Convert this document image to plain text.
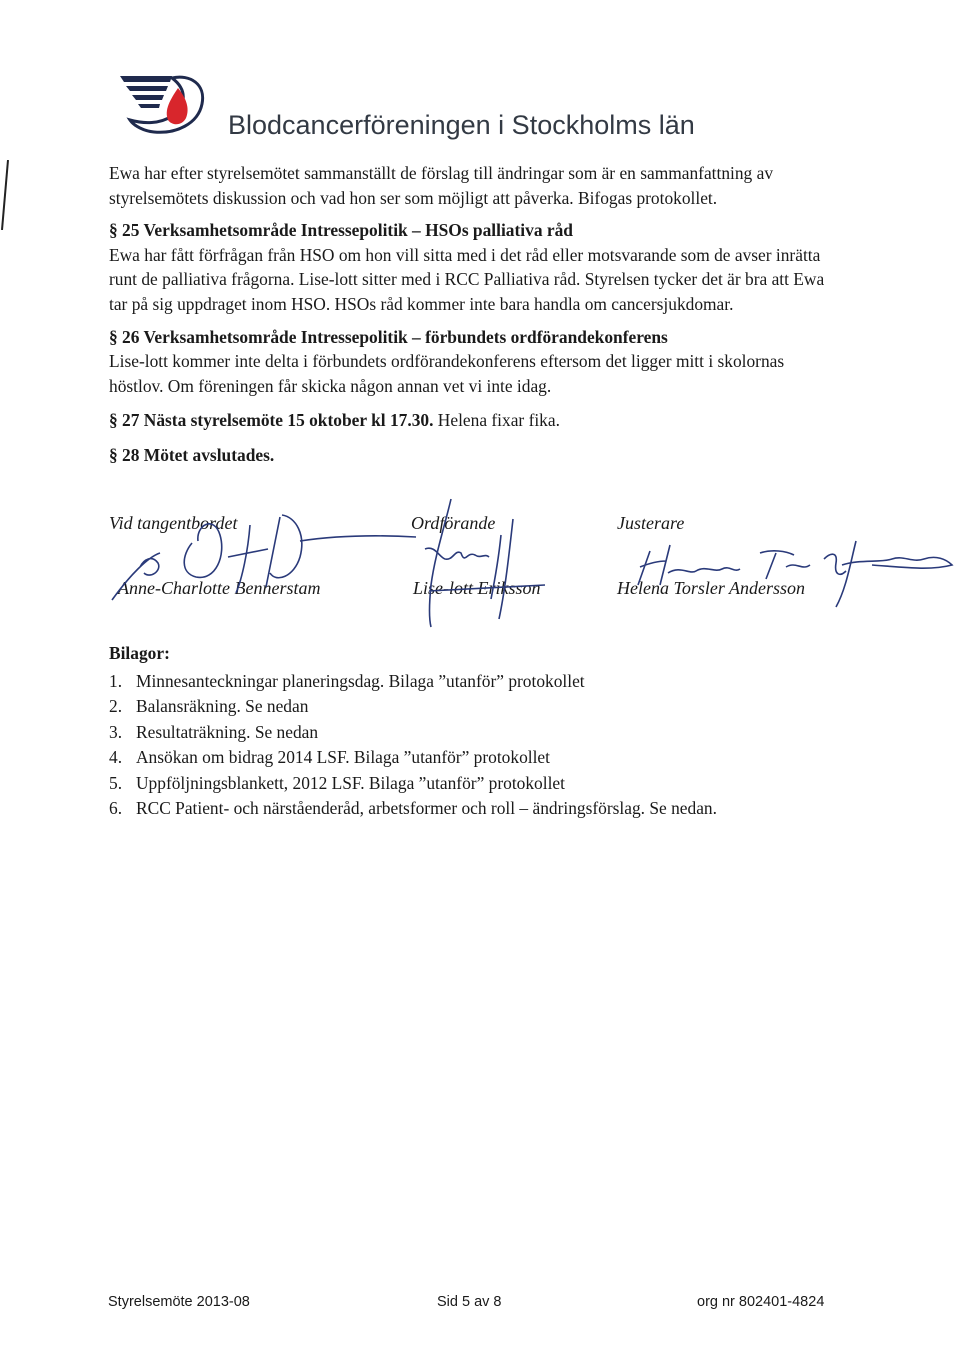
Blodcancerföreningen i Stockholms län

Ewa har efter styrelsemötet sammanställt de förslag till ändringar som är en sammanfattning av styrelsemötets diskussion och vad hon ser som möjligt att påverka. Bifogas protokollet.

§ 25 Verksamhetsområde Intressepolitik – HSOs palliativa råd

Ewa har fått förfrågan från HSO om hon vill sitta med i det råd eller motsvarande som de avser inrätta runt de palliativa frågorna. Lise-lott sitter med i RCC Palliativa råd. Styrelsen tycker det är bra att Ewa tar på sig uppdraget inom HSO. HSOs råd kommer inte bara handla om cancersjukdomar.

§ 26 Verksamhetsområde Intressepolitik – förbundets ordförandekonferens

Lise-lott kommer inte delta i förbundets ordförandekonferens eftersom det ligger mitt i skolornas höstlov. Om föreningen får skicka någon annan vet vi inte idag.

§ 27 Nästa styrelsemöte 15 oktober kl 17.30. Helena fixar fika.

§ 28 Mötet avslutades.

Vid tangentbordet
Anne-Charlotte Bennerstam
Ordförande
Lise-lott Eriksson
Justerare
Helena Torsler Andersson

Bilagor:

1. Minnesanteckningar planeringsdag. Bilaga ”utanför” protokollet
2. Balansräkning. Se nedan
3. Resultaträkning. Se nedan
4. Ansökan om bidrag 2014 LSF. Bilaga ”utanför” protokollet
5. Uppföljningsblankett, 2012 LSF. Bilaga ”utanför” protokollet
6. RCC Patient- och närståenderåd, arbetsformer och roll – ändringsförslag. Se nedan.
Styrelsemöte 2013-08	Sid 5 av 8	org nr 802401-4824
